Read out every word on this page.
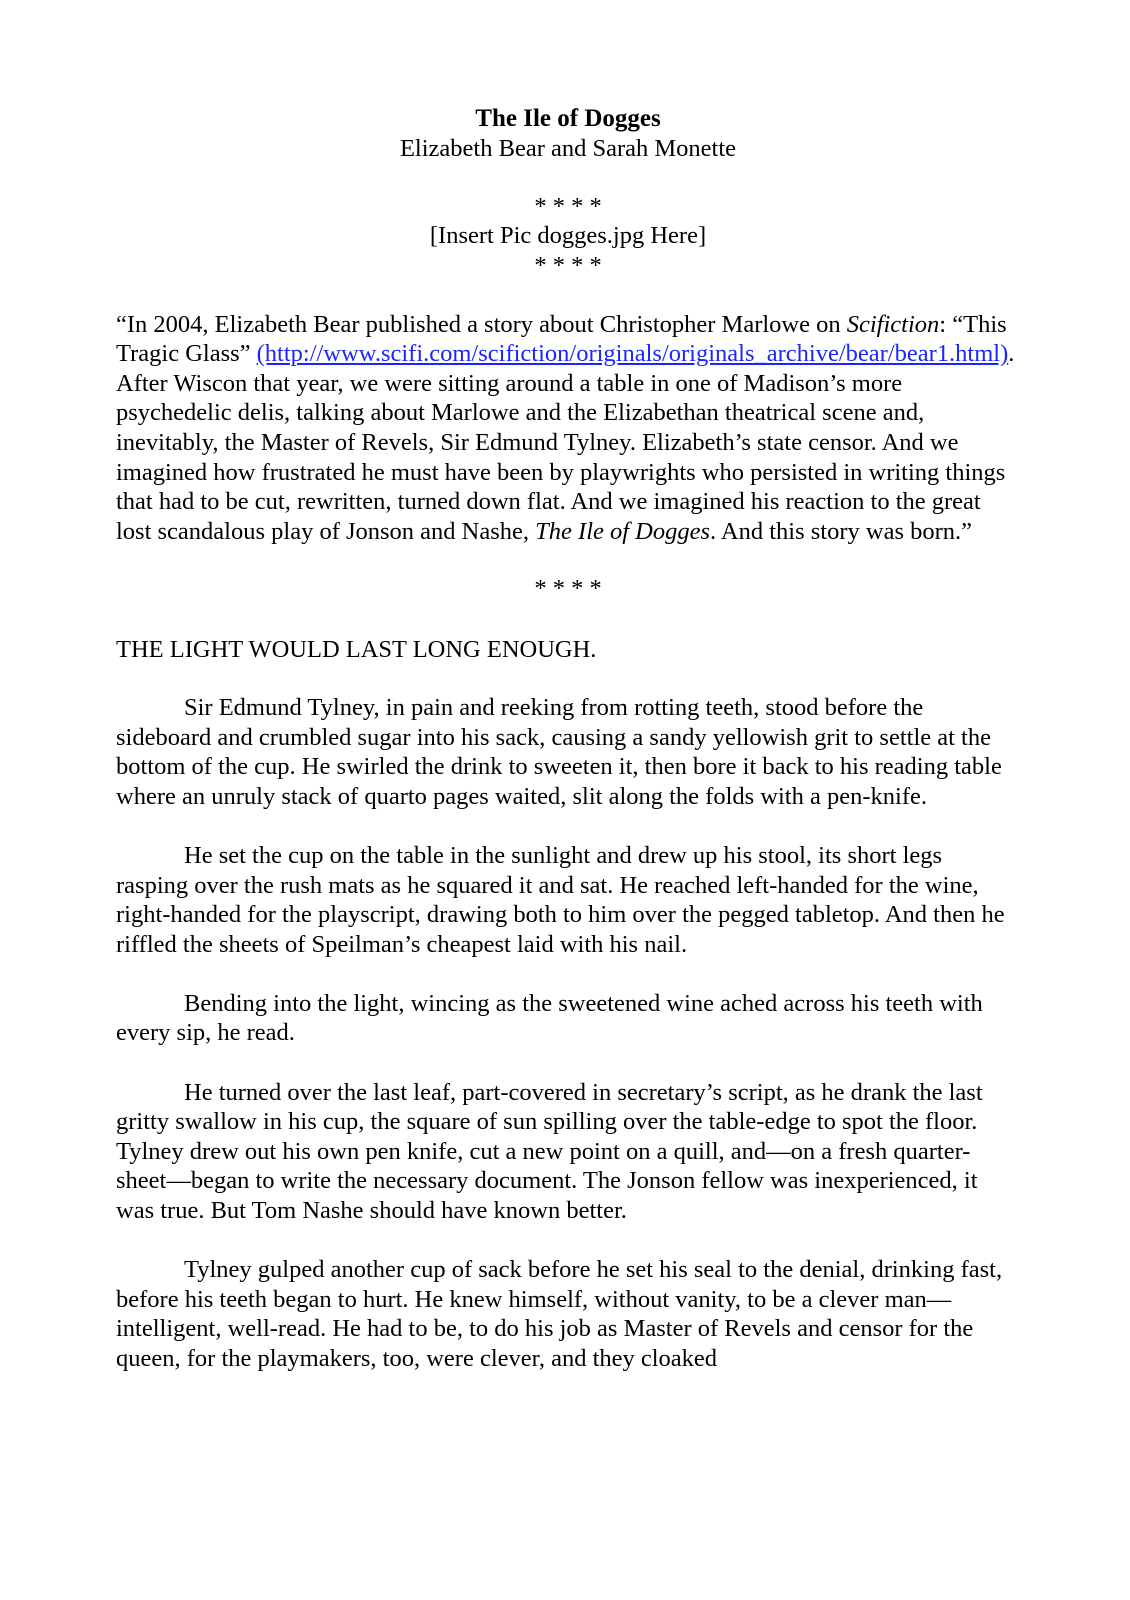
The Ile of Dogges
Elizabeth Bear and Sarah Monette
* * * *
[Insert Pic dogges.jpg Here]
* * * *

“In 2004, Elizabeth Bear published a story about Christopher Marlowe on Scifiction: “This Tragic Glass” (http://www.scifi.com/scifiction/originals/originals_archive/bear/bear1.html). After Wiscon that year, we were sitting around a table in one of Madison’s more psychedelic delis, talking about Marlowe and the Elizabethan theatrical scene and, inevitably, the Master of Revels, Sir Edmund Tylney. Elizabeth’s state censor. And we imagined how frustrated he must have been by playwrights who persisted in writing things that had to be cut, rewritten, turned down flat. And we imagined his reaction to the great lost scandalous play of Jonson and Nashe, The Ile of Dogges. And this story was born.”

* * * *

THE LIGHT WOULD LAST LONG ENOUGH.

Sir Edmund Tylney, in pain and reeking from rotting teeth, stood before the sideboard and crumbled sugar into his sack, causing a sandy yellowish grit to settle at the bottom of the cup. He swirled the drink to sweeten it, then bore it back to his reading table where an unruly stack of quarto pages waited, slit along the folds with a pen-knife.

He set the cup on the table in the sunlight and drew up his stool, its short legs rasping over the rush mats as he squared it and sat. He reached left-handed for the wine, right-handed for the playscript, drawing both to him over the pegged tabletop. And then he riffled the sheets of Speilman’s cheapest laid with his nail.

Bending into the light, wincing as the sweetened wine ached across his teeth with every sip, he read.

He turned over the last leaf, part-covered in secretary’s script, as he drank the last gritty swallow in his cup, the square of sun spilling over the table-edge to spot the floor. Tylney drew out his own pen knife, cut a new point on a quill, and—on a fresh quarter-sheet—began to write the necessary document. The Jonson fellow was inexperienced, it was true. But Tom Nashe should have known better.

Tylney gulped another cup of sack before he set his seal to the denial, drinking fast, before his teeth began to hurt. He knew himself, without vanity, to be a clever man—intelligent, well-read. He had to be, to do his job as Master of Revels and censor for the queen, for the playmakers, too, were clever, and they cloaked
